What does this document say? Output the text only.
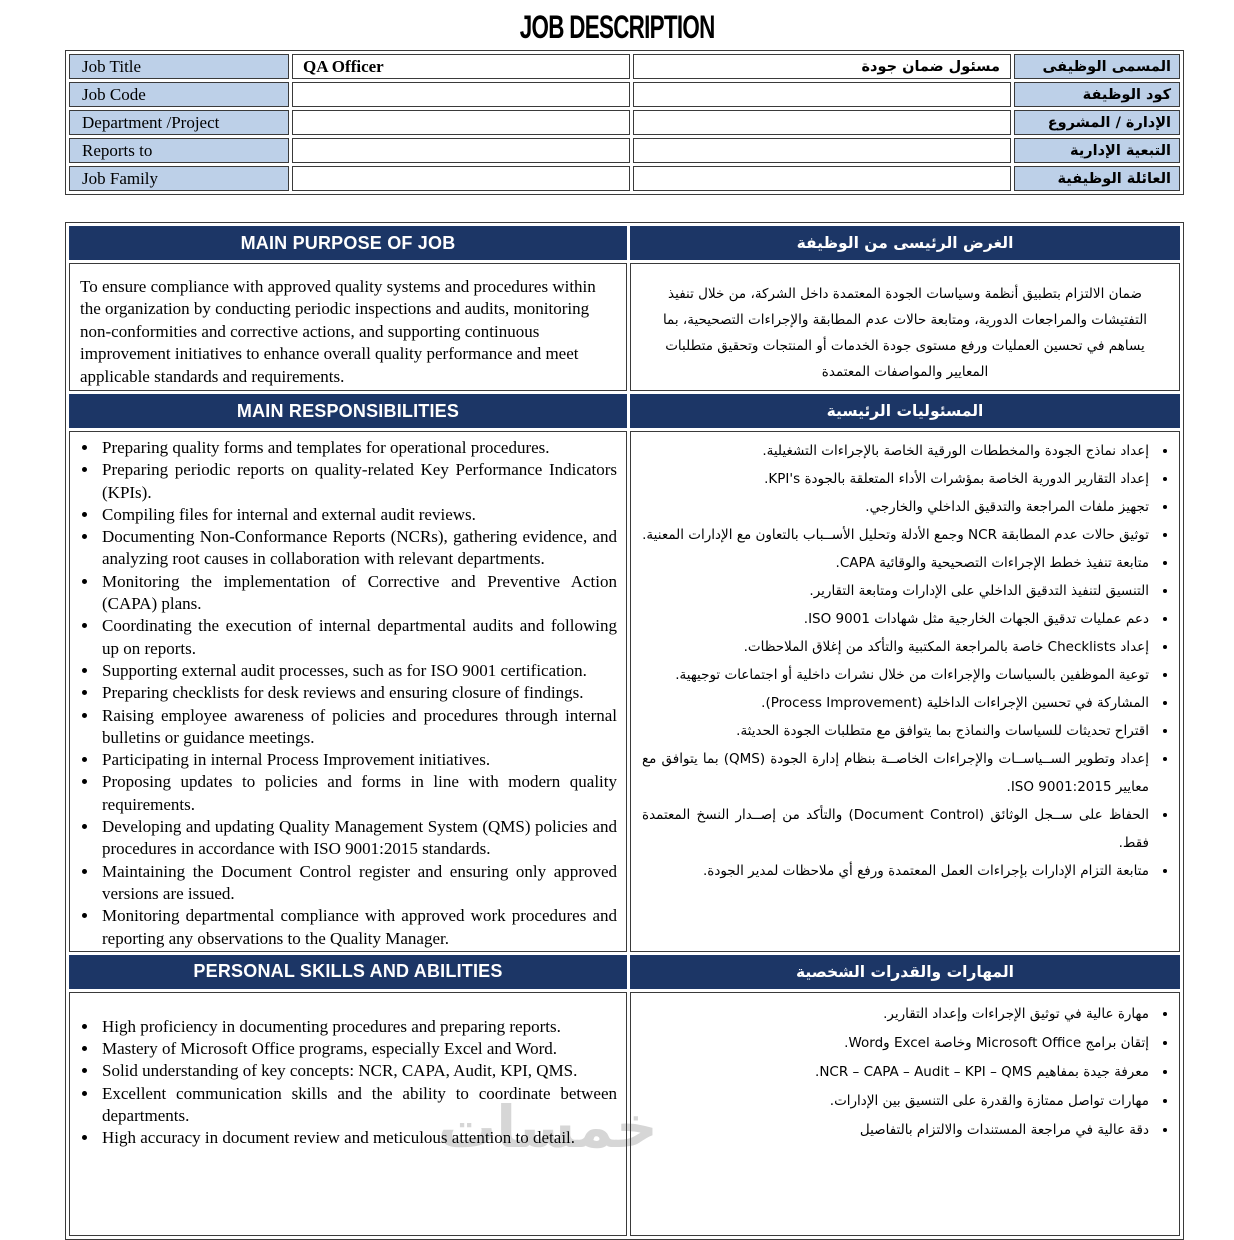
JOB DESCRIPTION
Job Title	QA Officer	مسئول ضمان جودة	المسمى الوظيفى
Job Code			كود الوظيفة
Department /Project			الإدارة / المشروع
Reports to			التبعية الإدارية
Job Family			العائلة الوظيفية
MAIN PURPOSE OF JOB	الغرض الرئيسى من الوظيفة

To ensure compliance with approved quality systems and procedures within the organization by conducting periodic inspections and audits, monitoring non-conformities and corrective actions, and supporting continuous improvement initiatives to enhance overall quality performance and meet applicable standards and requirements.

ضمان الالتزام بتطبيق أنظمة وسياسات الجودة المعتمدة داخل الشركة، من خلال تنفيذ التفتيشات والمراجعات الدورية، ومتابعة حالات عدم المطابقة والإجراءات التصحيحية، بما يساهم في تحسين العمليات ورفع مستوى جودة الخدمات أو المنتجات وتحقيق متطلبات المعايير والمواصفات المعتمدة

MAIN RESPONSIBILITIES	المسئوليات الرئيسية

• Preparing quality forms and templates for operational procedures.
• Preparing periodic reports on quality-related Key Performance Indicators (KPIs).
• Compiling files for internal and external audit reviews.
• Documenting Non-Conformance Reports (NCRs), gathering evidence, and analyzing root causes in collaboration with relevant departments.
• Monitoring the implementation of Corrective and Preventive Action (CAPA) plans.
• Coordinating the execution of internal departmental audits and following up on reports.
• Supporting external audit processes, such as for ISO 9001 certification.
• Preparing checklists for desk reviews and ensuring closure of findings.
• Raising employee awareness of policies and procedures through internal bulletins or guidance meetings.
• Participating in internal Process Improvement initiatives.
• Proposing updates to policies and forms in line with modern quality requirements.
• Developing and updating Quality Management System (QMS) policies and procedures in accordance with ISO 9001:2015 standards.
• Maintaining the Document Control register and ensuring only approved versions are issued.
• Monitoring departmental compliance with approved work procedures and reporting any observations to the Quality Manager.

• إعداد نماذج الجودة والمخططات الورقية الخاصة بالإجراءات التشغيلية.
• إعداد التقارير الدورية الخاصة بمؤشرات الأداء المتعلقة بالجودة KPI's.
• تجهيز ملفات المراجعة والتدقيق الداخلي والخارجي.
• توثيق حالات عدم المطابقة NCR وجمع الأدلة وتحليل الأســباب بالتعاون مع الإدارات المعنية.
• متابعة تنفيذ خطط الإجراءات التصحيحية والوقائية CAPA.
• التنسيق لتنفيذ التدقيق الداخلي على الإدارات ومتابعة التقارير.
• دعم عمليات تدقيق الجهات الخارجية مثل شهادات ISO 9001.
• إعداد Checklists خاصة بالمراجعة المكتبية والتأكد من إغلاق الملاحظات.
• توعية الموظفين بالسياسات والإجراءات من خلال نشرات داخلية أو اجتماعات توجيهية.
• المشاركة في تحسين الإجراءات الداخلية (Process Improvement).
• اقتراح تحديثات للسياسات والنماذج بما يتوافق مع متطلبات الجودة الحديثة.
• إعداد وتطوير الســياســات والإجراءات الخاصــة بنظام إدارة الجودة (QMS) بما يتوافق مع معايير ISO 9001:2015.
• الحفاظ على ســجل الوثائق (Document Control) والتأكد من إصــدار النسخ المعتمدة فقط.
• متابعة التزام الإدارات بإجراءات العمل المعتمدة ورفع أي ملاحظات لمدير الجودة.

PERSONAL SKILLS AND ABILITIES	المهارات والقدرات الشخصية

• High proficiency in documenting procedures and preparing reports.
• Mastery of Microsoft Office programs, especially Excel and Word.
• Solid understanding of key concepts: NCR, CAPA, Audit, KPI, QMS.
• Excellent communication skills and the ability to coordinate between departments.
• High accuracy in document review and meticulous attention to detail.

• مهارة عالية في توثيق الإجراءات وإعداد التقارير.
• إتقان برامج Microsoft Office وخاصة Excel وWord.
• معرفة جيدة بمفاهيم NCR – CAPA – Audit – KPI – QMS.
• مهارات تواصل ممتازة والقدرة على التنسيق بين الإدارات.
• دقة عالية في مراجعة المستندات والالتزام بالتفاصيل
خمسات
